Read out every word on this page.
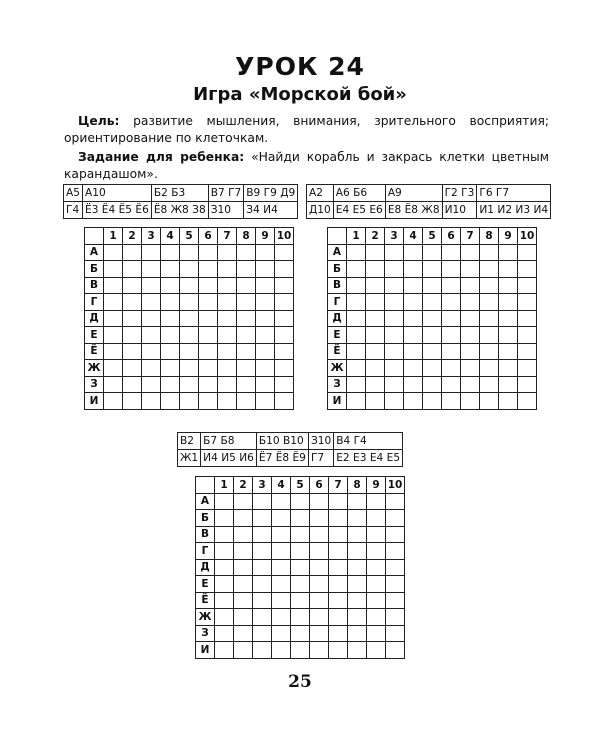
УРОК 24
Игра «Морской бой»
Цель: развитие мышления, внимания, зрительного восприятия; ориентирование по клеточкам.
Задание для ребенка: «Найди корабль и закрась клетки цветным карандашом».
А5	А10	Б2 Б3	В7 Г7	В9 Г9 Д9
Г4	Ё3 Ё4 Ё5 Ё6	Ё8 Ж8 З8	З10	З4 И4
А2	А6 Б6	А9	Г2 Г3	Г6 Г7
Д10	Е4 Е5 Е6	Е8 Ё8 Ж8	И10	И1 И2 И3 И4
В2	Б7 Б8	Б10 В10	З10	В4 Г4
Ж1	И4 И5 И6	Ё7 Ё8 Ё9	Г7	Е2 Е3 Е4 Е5
	1	2	3	4	5	6	7	8	9	10
А										
Б										
В										
Г										
Д										
Е										
Ё										
Ж										
З										
И										
	1	2	3	4	5	6	7	8	9	10
А										
Б										
В										
Г										
Д										
Е										
Ё										
Ж										
З										
И										
	1	2	3	4	5	6	7	8	9	10
А										
Б										
В										
Г										
Д										
Е										
Ё										
Ж										
З										
И										
25
